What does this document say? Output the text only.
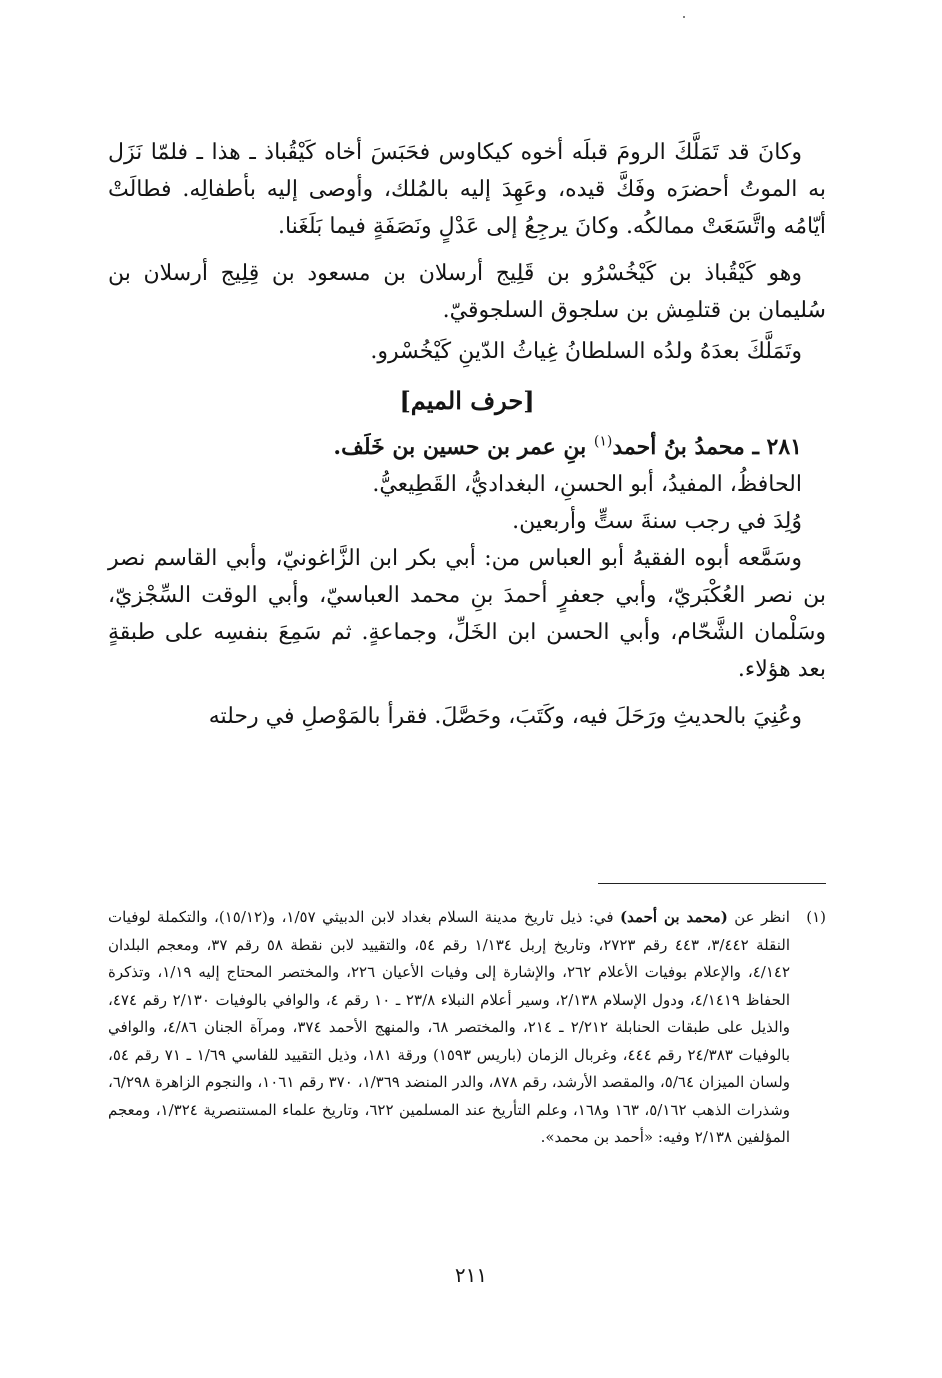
وكانَ قد تَمَلَّكَ الرومَ قبلَه أخوه كيكاوس فحَبَسَ أخاه كَيْقُباذ ـ هذا ـ فلمّا نَزَل به الموتُ أحضرَه وفَكَّ قيده، وعَهِدَ إليه بالمُلك، وأوصى إليه بأطفالِه. فطالَتْ أيّامُه واتَّسَعَتْ ممالكُه. وكانَ يرجِعُ إلى عَدْلٍ ونَصَفَةٍ فيما بَلَغَنا.

وهو كَيْقُباذ بن كَيْخُسْرُو بن قَلِيج أرسلان بن مسعود بن قِلِيج أرسلان بن سُليمان بن قتلمِش بن سلجوق السلجوقيّ.

وتَمَلَّكَ بعدَهُ ولدُه السلطانُ غِياثُ الدّينِ كَيْخُسْرو.

[حرف الميم]

٢٨١ ـ محمدُ بنُ أحمد$^{(١)}$ بنِ عمر بن حسين بن خَلَف.

الحافظُ، المفيدُ، أبو الحسنِ، البغداديُّ، القَطِيعيُّ.

وُلِدَ في رجب سنةَ ستٍّ وأربعين.

وسَمَّعه أبوه الفقيهُ أبو العباس من: أبي بكر ابن الزَّاغونيّ، وأبي القاسم نصر بن نصر العُكْبَريّ، وأبي جعفرٍ أحمدَ بنِ محمد العباسيّ، وأبي الوقت السِّجْزيّ، وسَلْمان الشَّحّام، وأبي الحسن ابن الخَلِّ، وجماعةٍ. ثم سَمِعَ بنفسِه على طبقةٍ بعد هؤلاء.

وعُنِيَ بالحديثِ ورَحَلَ فيه، وكَتَبَ، وحَصَّلَ. فقرأ بالمَوْصلِ في رحلته

(١)
انظر عن (محمد بن أحمد) في: ذيل تاريخ مدينة السلام بغداد لابن الدبيثي ١/٥٧، و(١٥/١٢)، والتكملة لوفيات النقلة ٣/٤٤٢، ٤٤٣ رقم ٢٧٢٣، وتاريخ إربل ١/١٣٤ رقم ٥٤، والتقييد لابن نقطة ٥٨ رقم ٣٧، ومعجم البلدان ٤/١٤٢، والإعلام بوفيات الأعلام ٢٦٢، والإشارة إلى وفيات الأعيان ٢٢٦، والمختصر المحتاج إليه ١/١٩، وتذكرة الحفاظ ٤/١٤١٩، ودول الإسلام ٢/١٣٨، وسير أعلام النبلاء ٢٣/٨ ـ ١٠ رقم ٤، والوافي بالوفيات ٢/١٣٠ رقم ٤٧٤، والذيل على طبقات الحنابلة ٢/٢١٢ ـ ٢١٤، والمختصر ٦٨، والمنهج الأحمد ٣٧٤، ومرآة الجنان ٤/٨٦، والوافي بالوفيات ٢٤/٣٨٣ رقم ٤٤٤، وغربال الزمان (باريس ١٥٩٣) ورقة ١٨١، وذيل التقييد للفاسي ١/٦٩ ـ ٧١ رقم ٥٤، ولسان الميزان ٥/٦٤، والمقصد الأرشد، رقم ٨٧٨، والدر المنضد ١/٣٦٩، ٣٧٠ رقم ١٠٦١، والنجوم الزاهرة ٦/٢٩٨، وشذرات الذهب ٥/١٦٢، ١٦٣ و١٦٨، وعلم التأريخ عند المسلمين ٦٢٢، وتاريخ علماء المستنصرية ١/٣٢٤، ومعجم المؤلفين ٢/١٣٨ وفيه: «أحمد بن محمد».
٢١١
